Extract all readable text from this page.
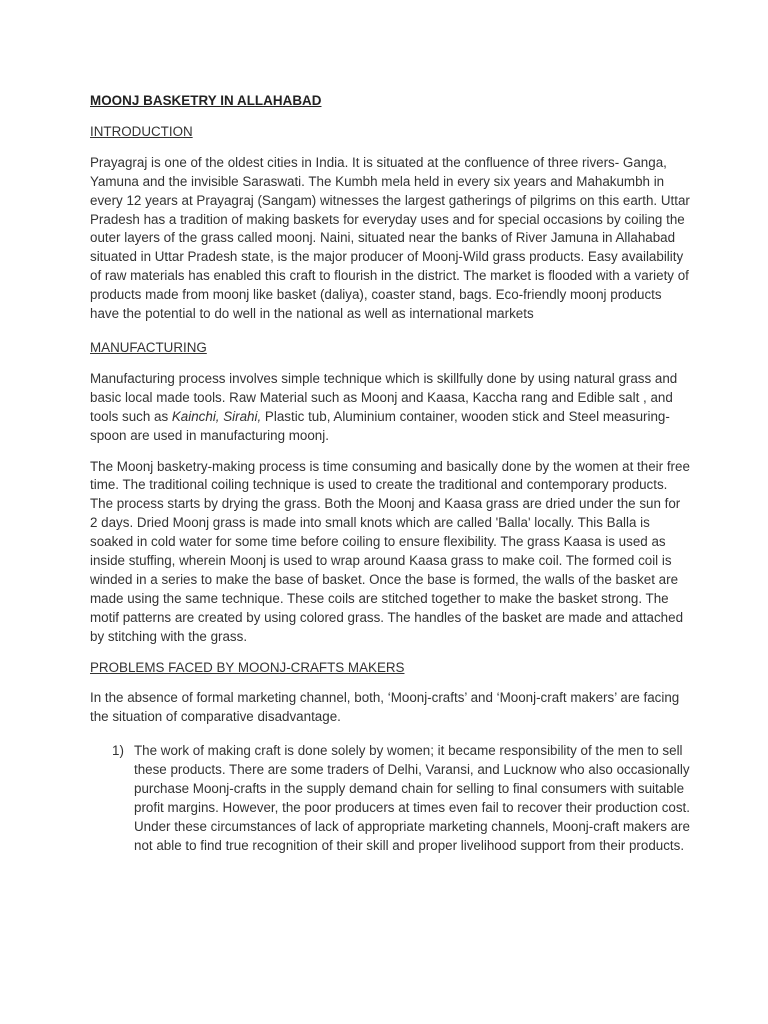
MOONJ BASKETRY IN ALLAHABAD
INTRODUCTION

Prayagraj is one of the oldest cities in India. It is situated at the confluence of three rivers- Ganga, Yamuna and the invisible Saraswati. The Kumbh mela held in every six years and Mahakumbh in every 12 years at Prayagraj (Sangam) witnesses the largest gatherings of pilgrims on this earth. Uttar Pradesh has a tradition of making baskets for everyday uses and for special occasions by coiling the outer layers of the grass called moonj. Naini, situated near the banks of River Jamuna in Allahabad situated in Uttar Pradesh state, is the major producer of Moonj-Wild grass products. Easy availability of raw materials has enabled this craft to flourish in the district. The market is flooded with a variety of products made from moonj like basket (daliya), coaster stand, bags. Eco-friendly moonj products have the potential to do well in the national as well as international markets

MANUFACTURING

Manufacturing process involves simple technique which is skillfully done by using natural grass and basic local made tools. Raw Material such as Moonj and Kaasa, Kaccha rang and Edible salt , and tools such as Kainchi, Sirahi, Plastic tub, Aluminium container, wooden stick and Steel measuring-spoon are used in manufacturing moonj.

The Moonj basketry-making process is time consuming and basically done by the women at their free time. The traditional coiling technique is used to create the traditional and contemporary products. The process starts by drying the grass. Both the Moonj and Kaasa grass are dried under the sun for 2 days. Dried Moonj grass is made into small knots which are called 'Balla' locally. This Balla is soaked in cold water for some time before coiling to ensure flexibility. The grass Kaasa is used as inside stuffing, wherein Moonj is used to wrap around Kaasa grass to make coil. The formed coil is winded in a series to make the base of basket. Once the base is formed, the walls of the basket are made using the same technique. These coils are stitched together to make the basket strong. The motif patterns are created by using colored grass. The handles of the basket are made and attached by stitching with the grass.

PROBLEMS FACED BY MOONJ-CRAFTS MAKERS

In the absence of formal marketing channel, both, ‘Moonj-crafts’ and ‘Moonj-craft makers’ are facing the situation of comparative disadvantage.

1) The work of making craft is done solely by women; it became responsibility of the men to sell these products. There are some traders of Delhi, Varansi, and Lucknow who also occasionally purchase Moonj-crafts in the supply demand chain for selling to final consumers with suitable profit margins. However, the poor producers at times even fail to recover their production cost. Under these circumstances of lack of appropriate marketing channels, Moonj-craft makers are not able to find true recognition of their skill and proper livelihood support from their products.
